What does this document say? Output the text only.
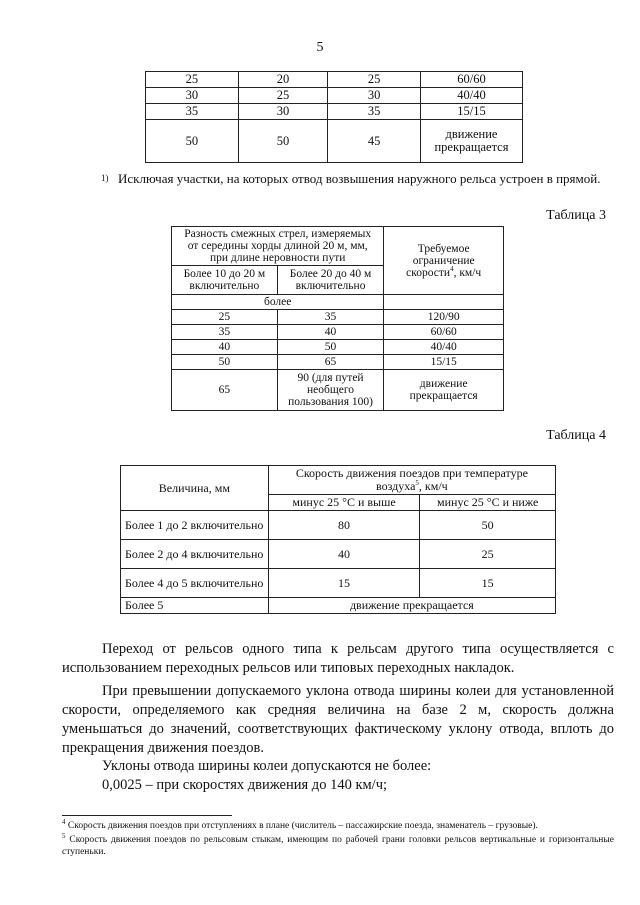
5
25	20	25	60/60
30	25	30	40/40
35	30	35	15/15
50	50	45	движение прекращается
1) Исключая участки, на которых отвод возвышения наружного рельса устроен в прямой.
Таблица 3
Разность смежных стрел, измеряемых от середины хорды длиной 20 м, мм, при длине неровности пути		Требуемое ограничение скорости$^4$, км/ч
Более 10 до 20 м включительно	Более 20 до 40 м включительно	
более		
25	35	120/90
35	40	60/60
40	50	40/40
50	65	15/15
65	90 (для путей необщего пользования 100)	движение прекращается
Таблица 4
Величина, мм	Скорость движения поездов при температуре воздуха$^5$, км/ч	
	минус 25 °С и выше	минус 25 °С и ниже
Более 1 до 2 включительно	80	50
Более 2 до 4 включительно	40	25
Более 4 до 5 включительно	15	15
Более 5	движение прекращается	
Переход от рельсов одного типа к рельсам другого типа осуществляется с использованием переходных рельсов или типовых переходных накладок.
При превышении допускаемого уклона отвода ширины колеи для установленной скорости, определяемого как средняя величина на базе 2 м, скорость должна уменьшаться до значений, соответствующих фактическому уклону отвода, вплоть до прекращения движения поездов.
Уклоны отвода ширины колеи допускаются не более:
0,0025 – при скоростях движения до 140 км/ч;
$^4$ Скорость движения поездов при отступлениях в плане (числитель – пассажирские поезда, знаменатель – грузовые).
$^5$ Скорость движения поездов по рельсовым стыкам, имеющим по рабочей грани головки рельсов вертикальные и горизонтальные ступеньки.
